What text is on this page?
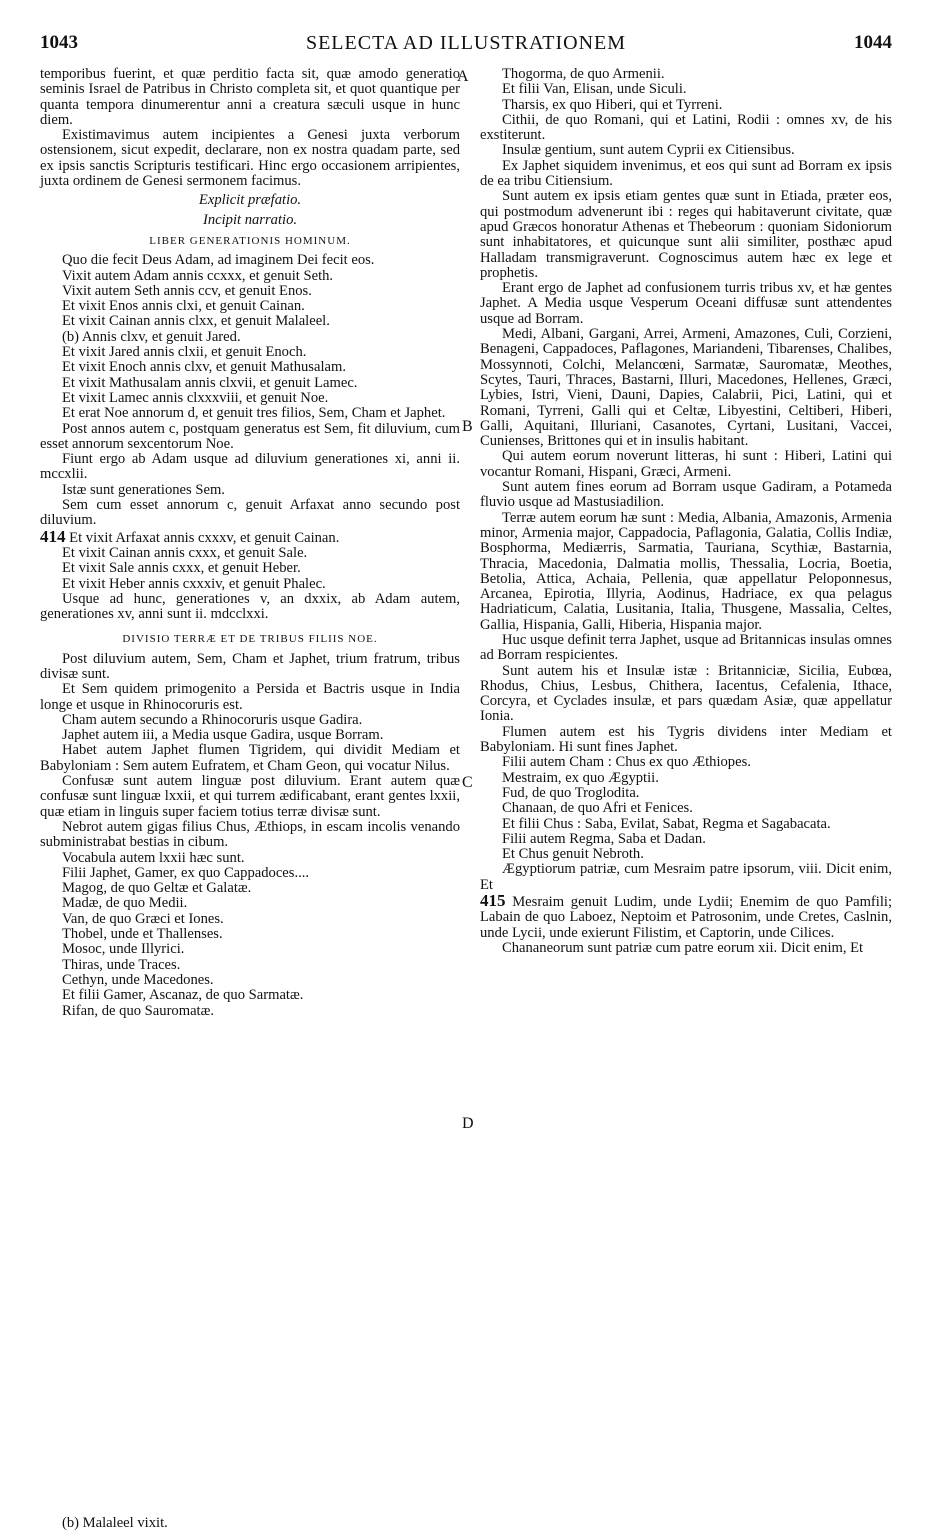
1043	SELECTA AD ILLUSTRATIONEM	1044
A
B
C
D

temporibus fuerint, et quæ perditio facta sit, quæ amodo generatio seminis Israel de Patribus in Christo completa sit, et quot quantique per quanta tempora dinumerentur anni a creatura sæculi usque in hunc diem.

Existimavimus autem incipientes a Genesi juxta verborum ostensionem, sicut expedit, declarare, non ex nostra quadam parte, sed ex ipsis sanctis Scripturis testificari. Hinc ergo occasionem arripientes, juxta ordinem de Genesi sermonem facimus.

Explicit præfatio.

Incipit narratio.

LIBER GENERATIONIS HOMINUM.

Quo die fecit Deus Adam, ad imaginem Dei fecit eos.

Vixit autem Adam annis ccxxx, et genuit Seth.

Vixit autem Seth annis ccv, et genuit Enos.

Et vixit Enos annis clxi, et genuit Cainan.

Et vixit Cainan annis clxx, et genuit Malaleel.

(b) Annis clxv, et genuit Jared.

Et vixit Jared annis clxii, et genuit Enoch.

Et vixit Enoch annis clxv, et genuit Mathusalam.

Et vixit Mathusalam annis clxvii, et genuit Lamec.

Et vixit Lamec annis clxxxviii, et genuit Noe.

Et erat Noe annorum d, et genuit tres filios, Sem, Cham et Japhet.

Post annos autem c, postquam generatus est Sem, fit diluvium, cum esset annorum sexcentorum Noe.

Fiunt ergo ab Adam usque ad diluvium generationes xi, anni ii. mccxlii.

Istæ sunt generationes Sem.

Sem cum esset annorum c, genuit Arfaxat anno secundo post diluvium.

414 Et vixit Arfaxat annis cxxxv, et genuit Cainan.

Et vixit Cainan annis cxxx, et genuit Sale.

Et vixit Sale annis cxxx, et genuit Heber.

Et vixit Heber annis cxxxiv, et genuit Phalec.

Usque ad hunc, generationes v, an dxxix, ab Adam autem, generationes xv, anni sunt ii. mdcclxxi.

DIVISIO TERRÆ ET DE TRIBUS FILIIS NOE.

Post diluvium autem, Sem, Cham et Japhet, trium fratrum, tribus divisæ sunt.

Et Sem quidem primogenito a Persida et Bactris usque in India longe et usque in Rhinocoruris est.

Cham autem secundo a Rhinocoruris usque Gadira.

Japhet autem iii, a Media usque Gadira, usque Borram.

Habet autem Japhet flumen Tigridem, qui dividit Mediam et Babyloniam : Sem autem Eufratem, et Cham Geon, qui vocatur Nilus.

Confusæ sunt autem linguæ post diluvium. Erant autem quæ confusæ sunt linguæ lxxii, et qui turrem ædificabant, erant gentes lxxii, quæ etiam in linguis super faciem totius terræ divisæ sunt.

Nebrot autem gigas filius Chus, Æthiops, in escam incolis venando subministrabat bestias in cibum.

Vocabula autem lxxii hæc sunt.

Filii Japhet, Gamer, ex quo Cappadoces....

Magog, de quo Geltæ et Galatæ.

Madæ, de quo Medii.

Van, de quo Græci et Iones.

Thobel, unde et Thallenses.

Mosoc, unde Illyrici.

Thiras, unde Traces.

Cethyn, unde Macedones.

Et filii Gamer, Ascanaz, de quo Sarmatæ.

Rifan, de quo Sauromatæ.

Thogorma, de quo Armenii.

Et filii Van, Elisan, unde Siculi.

Tharsis, ex quo Hiberi, qui et Tyrreni.

Cithii, de quo Romani, qui et Latini, Rodii : omnes xv, de his exstiterunt.

Insulæ gentium, sunt autem Cyprii ex Citiensibus.

Ex Japhet siquidem invenimus, et eos qui sunt ad Borram ex ipsis de ea tribu Citiensium.

Sunt autem ex ipsis etiam gentes quæ sunt in Etiada, præter eos, qui postmodum advenerunt ibi : reges qui habitaverunt civitate, quæ apud Græcos honoratur Athenas et Thebeorum : quoniam Sidoniorum sunt inhabitatores, et quicunque sunt alii similiter, posthæc apud Halladam transmigraverunt. Cognoscimus autem hæc ex lege et prophetis.

Erant ergo de Japhet ad confusionem turris tribus xv, et hæ gentes Japhet. A Media usque Vesperum Oceani diffusæ sunt attendentes usque ad Borram.

Medi, Albani, Gargani, Arrei, Armeni, Amazones, Culi, Corzieni, Benageni, Cappadoces, Paflagones, Mariandeni, Tibarenses, Chalibes, Mossynnoti, Colchi, Melancœni, Sarmatæ, Sauromatæ, Meothes, Scytes, Tauri, Thraces, Bastarni, Illuri, Macedones, Hellenes, Græci, Lybies, Istri, Vieni, Dauni, Dapies, Calabrii, Pici, Latini, qui et Romani, Tyrreni, Galli qui et Celtæ, Libyestini, Celtiberi, Hiberi, Galli, Aquitani, Illuriani, Casanotes, Cyrtani, Lusitani, Vaccei, Cunienses, Brittones qui et in insulis habitant.

Qui autem eorum noverunt litteras, hi sunt : Hiberi, Latini qui vocantur Romani, Hispani, Græci, Armeni.

Sunt autem fines eorum ad Borram usque Gadiram, a Potameda fluvio usque ad Mastusiadilion.

Terræ autem eorum hæ sunt : Media, Albania, Amazonis, Armenia minor, Armenia major, Cappadocia, Paflagonia, Galatia, Collis Indiæ, Bosphorma, Mediærris, Sarmatia, Tauriana, Scythiæ, Bastarnia, Thracia, Macedonia, Dalmatia mollis, Thessalia, Locria, Boetia, Betolia, Attica, Achaia, Pellenia, quæ appellatur Peloponnesus, Arcanea, Epirotia, Illyria, Aodinus, Hadriace, ex qua pelagus Hadriaticum, Calatia, Lusitania, Italia, Thusgene, Massalia, Celtes, Gallia, Hispania, Galli, Hiberia, Hispania major.

Huc usque definit terra Japhet, usque ad Britannicas insulas omnes ad Borram respicientes.

Sunt autem his et Insulæ istæ : Britanniciæ, Sicilia, Eubœa, Rhodus, Chius, Lesbus, Chithera, Iacentus, Cefalenia, Ithace, Corcyra, et Cyclades insulæ, et pars quædam Asiæ, quæ appellatur Ionia.

Flumen autem est his Tygris dividens inter Mediam et Babyloniam. Hi sunt fines Japhet.

Filii autem Cham : Chus ex quo Æthiopes.

Mestraim, ex quo Ægyptii.

Fud, de quo Troglodita.

Chanaan, de quo Afri et Fenices.

Et filii Chus : Saba, Evilat, Sabat, Regma et Sagabacata.

Filii autem Regma, Saba et Dadan.

Et Chus genuit Nebroth.

Ægyptiorum patriæ, cum Mesraim patre ipsorum, viii. Dicit enim, Et

415 Mesraim genuit Ludim, unde Lydii; Enemim de quo Pamfili; Labain de quo Laboez, Neptoim et Patrosonim, unde Cretes, Caslnin, unde Lycii, unde exierunt Filistim, et Captorin, unde Cilices.

Chananeorum sunt patriæ cum patre eorum xii. Dicit enim, Et

(b) Malaleel vixit.
